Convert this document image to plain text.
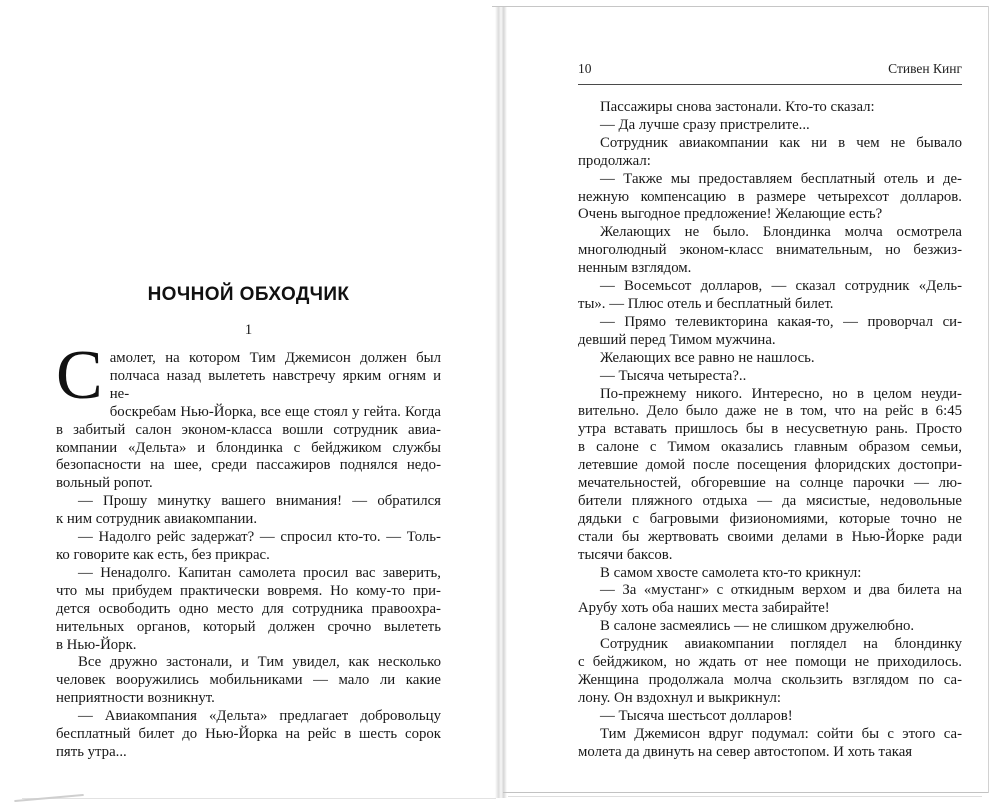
НОЧНОЙ ОБХОДЧИК
1

С амолет, на котором Тим Джемисон должен был
полчаса назад вылететь навстречу ярким огням и не-
боскребам Нью-Йорка, все еще стоял у гейта. Когда
в забитый салон эконом-класса вошли сотрудник авиа-
компании «Дельта» и блондинка с бейджиком службы
безопасности на шее, среди пассажиров поднялся недо-
вольный ропот.

— Прошу минутку вашего внимания! — обратился
к ним сотрудник авиакомпании.

— Надолго рейс задержат? — спросил кто-то. — Толь-
ко говорите как есть, без прикрас.

— Ненадолго. Капитан самолета просил вас заверить,
что мы прибудем практически вовремя. Но кому-то при-
дется освободить одно место для сотрудника правоохра-
нительных органов, который должен срочно вылететь
в Нью-Йорк.

Все дружно застонали, и Тим увидел, как несколько
человек вооружились мобильниками — мало ли какие
неприятности возникнут.

— Авиакомпания «Дельта» предлагает добровольцу
бесплатный билет до Нью-Йорка на рейс в шесть сорок
пять утра...

10	Стивен Кинг

Пассажиры снова застонали. Кто-то сказал:

— Да лучше сразу пристрелите...

Сотрудник авиакомпании как ни в чем не бывало
продолжал:

— Также мы предоставляем бесплатный отель и де-
нежную компенсацию в размере четырехсот долларов.
Очень выгодное предложение! Желающие есть?

Желающих не было. Блондинка молча осмотрела
многолюдный эконом-класс внимательным, но безжиз-
ненным взглядом.

— Восемьсот долларов, — сказал сотрудник «Дель-
ты». — Плюс отель и бесплатный билет.

— Прямо телевикторина какая-то, — проворчал си-
девший перед Тимом мужчина.

Желающих все равно не нашлось.

— Тысяча четыреста?..

По-прежнему никого. Интересно, но в целом неуди-
вительно. Дело было даже не в том, что на рейс в 6:45
утра вставать пришлось бы в несусветную рань. Просто
в салоне с Тимом оказались главным образом семьи,
летевшие домой после посещения флоридских достопри-
мечательностей, обгоревшие на солнце парочки — лю-
бители пляжного отдыха — да мясистые, недовольные
дядьки с багровыми физиономиями, которые точно не
стали бы жертвовать своими делами в Нью-Йорке ради
тысячи баксов.

В самом хвосте самолета кто-то крикнул:

— За «мустанг» с откидным верхом и два билета на
Арубу хоть оба наших места забирайте!

В салоне засмеялись — не слишком дружелюбно.

Сотрудник авиакомпании поглядел на блондинку
с бейджиком, но ждать от нее помощи не приходилось.
Женщина продолжала молча скользить взглядом по са-
лону. Он вздохнул и выкрикнул:

— Тысяча шестьсот долларов!

Тим Джемисон вдруг подумал: сойти бы с этого са-
молета да двинуть на север автостопом. И хоть такая
